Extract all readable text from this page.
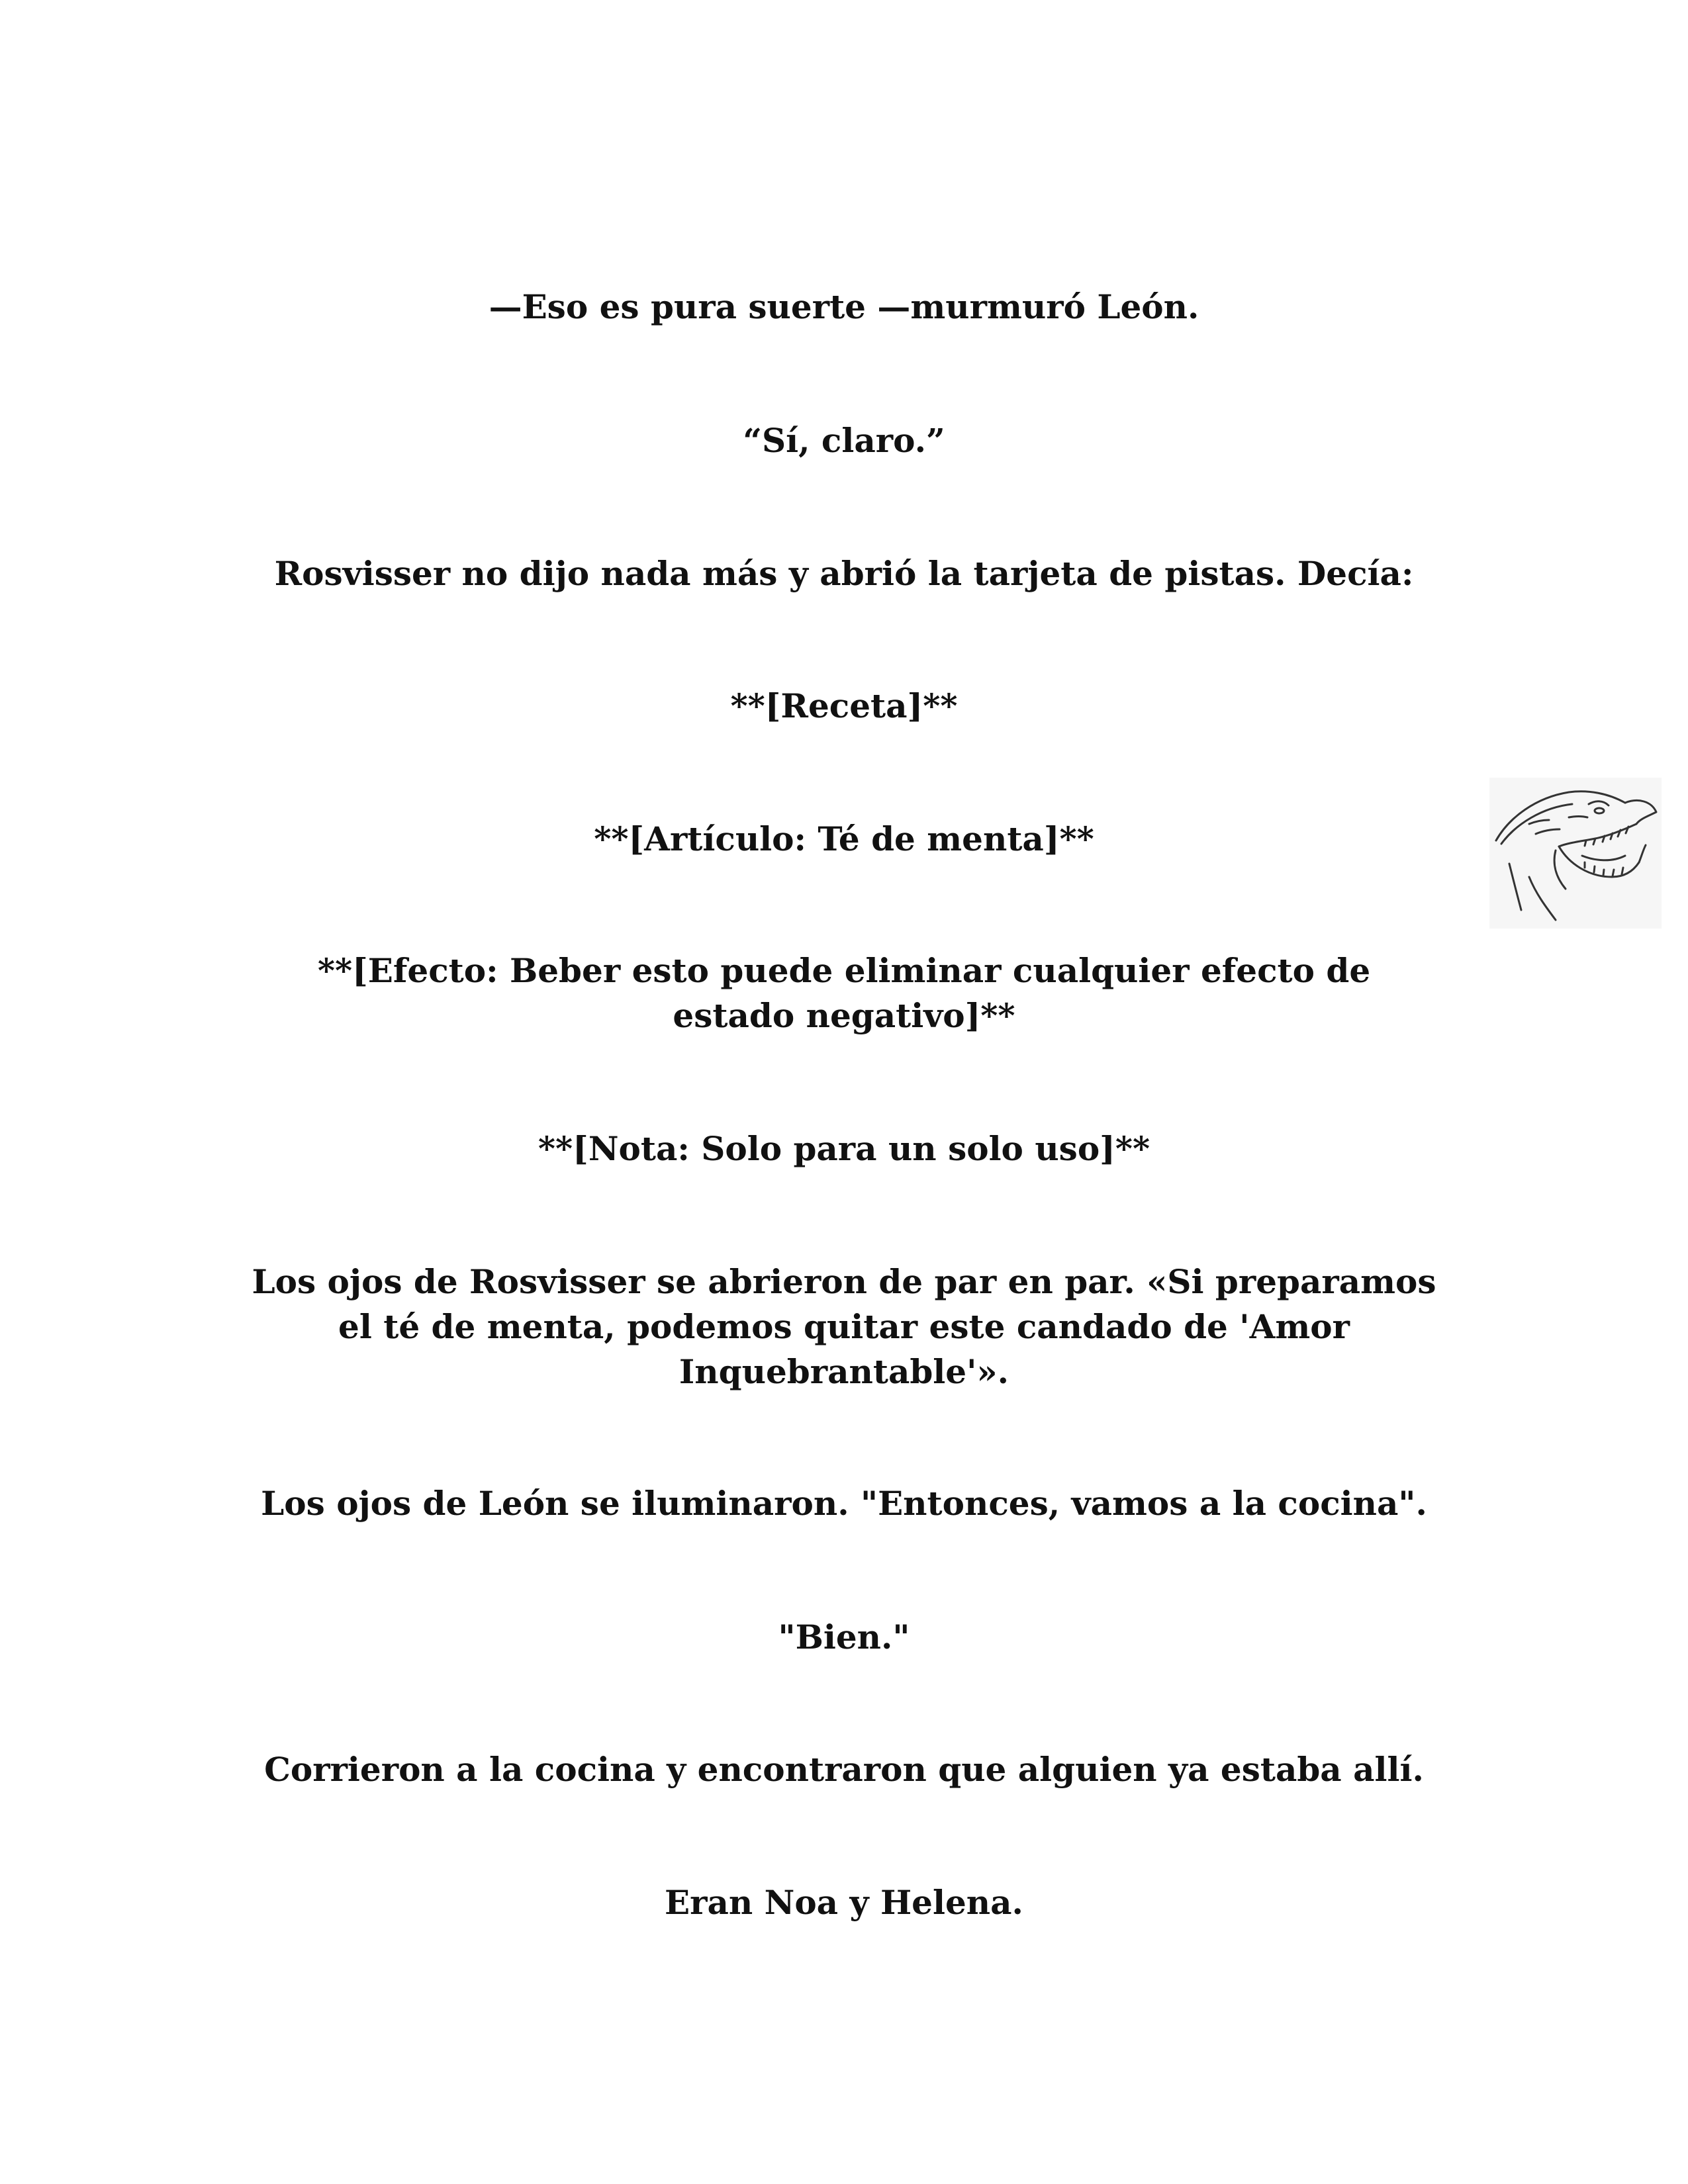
—Eso es pura suerte —murmuró León.

“Sí, claro.”

Rosvisser no dijo nada más y abrió la tarjeta de pistas. Decía:

**[Receta]**

**[Artículo: Té de menta]**

**[Efecto: Beber esto puede eliminar cualquier efecto de estado negativo]**

**[Nota: Solo para un solo uso]**

Los ojos de Rosvisser se abrieron de par en par. «Si preparamos el té de menta, podemos quitar este candado de 'Amor Inquebrantable'».

Los ojos de León se iluminaron. "Entonces, vamos a la cocina".

"Bien."

Corrieron a la cocina y encontraron que alguien ya estaba allí.

Eran Noa y Helena.
